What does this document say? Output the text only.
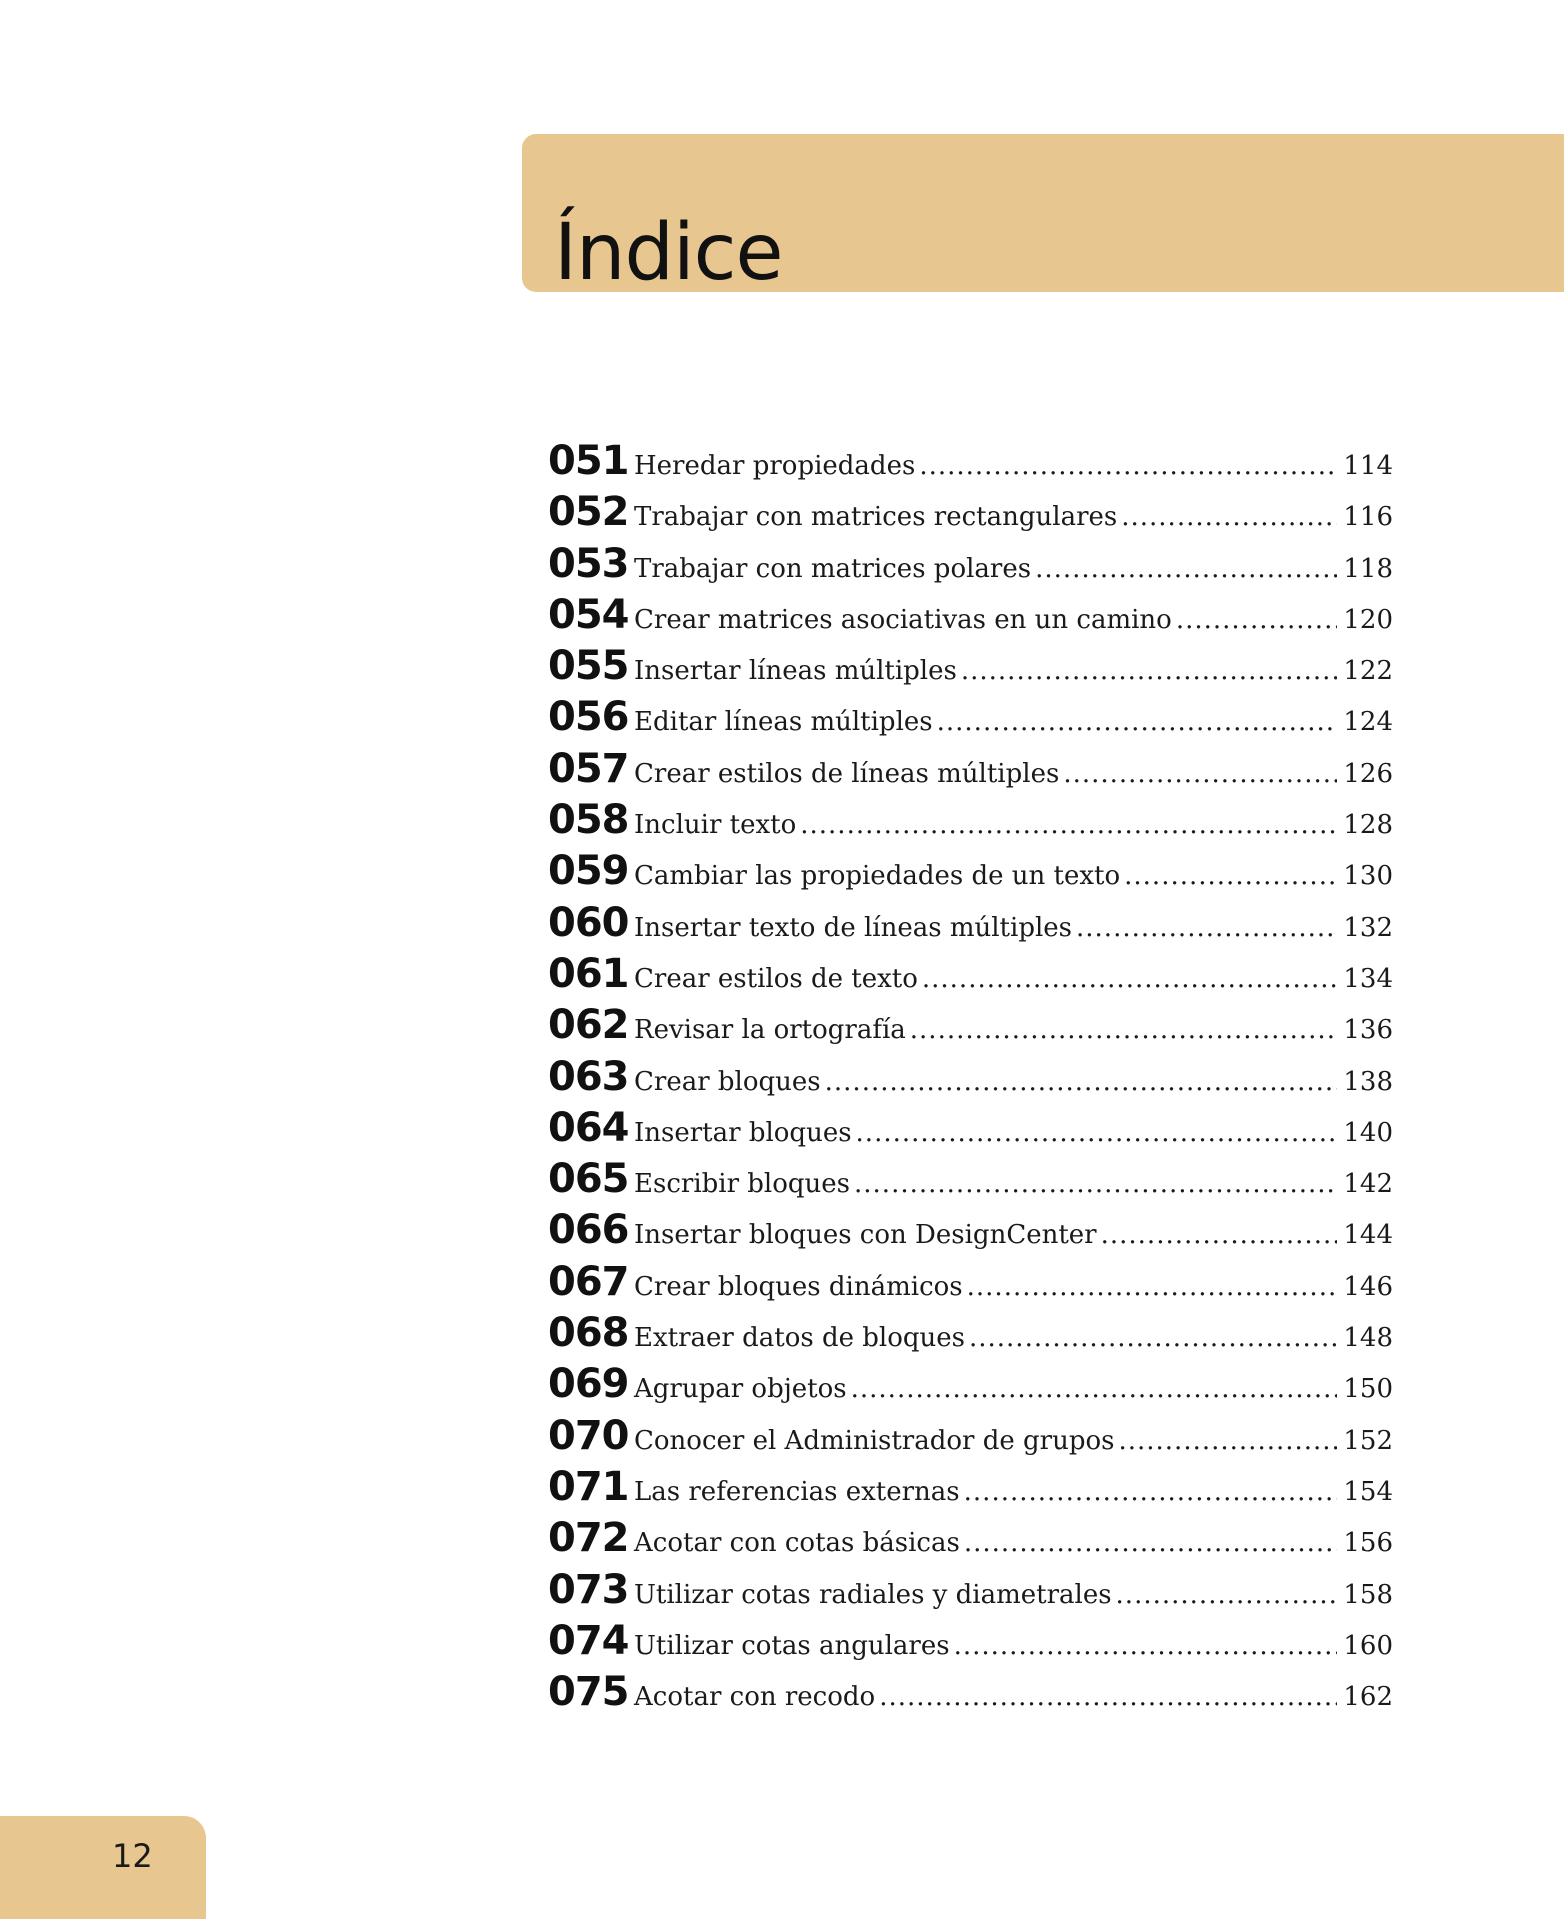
Índice
051 Heredar propiedades .....	114
052 Trabajar con matrices rectangulares .....	116
053 Trabajar con matrices polares .....	118
054 Crear matrices asociativas en un camino .....	120
055 Insertar líneas múltiples .....	122
056 Editar líneas múltiples .....	124
057 Crear estilos de líneas múltiples .....	126
058 Incluir texto .....	128
059 Cambiar las propiedades de un texto .....	130
060 Insertar texto de líneas múltiples .....	132
061 Crear estilos de texto .....	134
062 Revisar la ortografía .....	136
063 Crear bloques .....	138
064 Insertar bloques .....	140
065 Escribir bloques .....	142
066 Insertar bloques con DesignCenter .....	144
067 Crear bloques dinámicos .....	146
068 Extraer datos de bloques .....	148
069 Agrupar objetos .....	150
070 Conocer el Administrador de grupos .....	152
071 Las referencias externas .....	154
072 Acotar con cotas básicas .....	156
073 Utilizar cotas radiales y diametrales .....	158
074 Utilizar cotas angulares .....	160
075 Acotar con recodo .....	162
12
